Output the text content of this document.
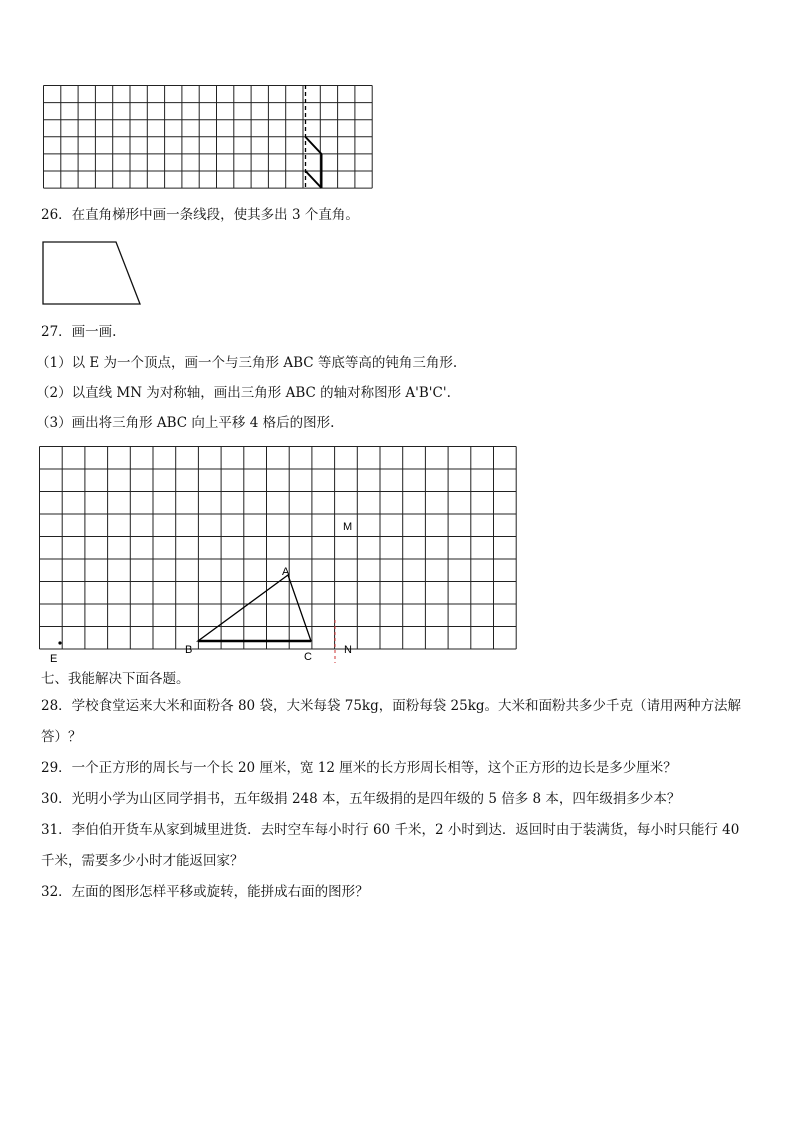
26．在直角梯形中画一条线段，使其多出 3 个直角。
27．画一画.
（1）以 E 为一个顶点，画一个与三角形 ABC 等底等高的钝角三角形.
（2）以直线 MN 为对称轴，画出三角形 ABC 的轴对称图形 A'B'C'.
（3）画出将三角形 ABC 向上平移 4 格后的图形.
A
B
C
E
M
N
七、我能解决下面各题。
28．学校食堂运来大米和面粉各 80 袋，大米每袋 75kg，面粉每袋 25kg。大米和面粉共多少千克（请用两种方法解
答）？
29．一个正方形的周长与一个长 20 厘米，宽 12 厘米的长方形周长相等，这个正方形的边长是多少厘米？
30．光明小学为山区同学捐书，五年级捐 248 本，五年级捐的是四年级的 5 倍多 8 本，四年级捐多少本？
31．李伯伯开货车从家到城里进货．去时空车每小时行 60 千米，2 小时到达．返回时由于装满货，每小时只能行 40
千米，需要多少小时才能返回家？
32．左面的图形怎样平移或旋转，能拼成右面的图形？
